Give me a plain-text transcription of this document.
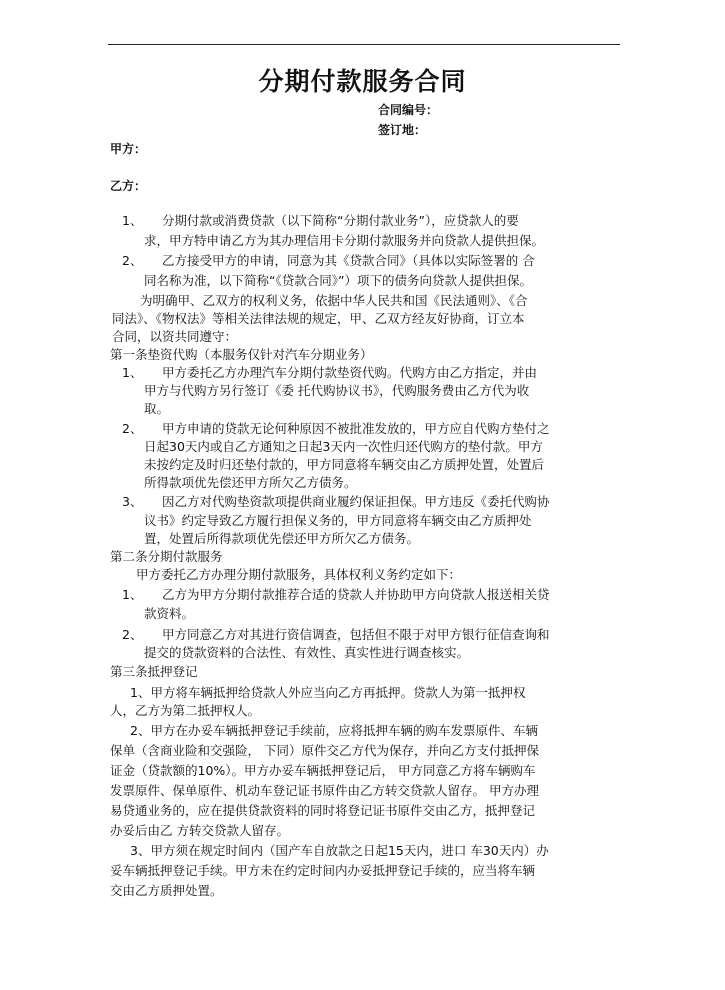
分期付款服务合同
合同编号：
签订地：
甲方：
乙方：
1、 分期付款或消费贷款（以下简称“分期付款业务”），应贷款人的要
求，甲方特申请乙方为其办理信用卡分期付款服务并向贷款人提供担保。
2、 乙方接受甲方的申请，同意为其《贷款合同》（具体以实际签署的 合
同名称为准，以下简称“《贷款合同》”）项下的债务向贷款人提供担保。
为明确甲、乙双方的权利义务，依据中华人民共和国《民法通则》、《合
同法》、《物权法》等相关法律法规的规定，甲、乙双方经友好协商，订立本
合同，以资共同遵守：
第一条垫资代购（本服务仅针对汽车分期业务）
1、 甲方委托乙方办理汽车分期付款垫资代购。代购方由乙方指定，并由
甲方与代购方另行签订《委 托代购协议书》，代购服务费由乙方代为收
取。
2、 甲方申请的贷款无论何种原因不被批准发放的，甲方应自代购方垫付之
日起30天内或自乙方通知之日起3天内一次性归还代购方的垫付款。甲方
未按约定及时归还垫付款的，甲方同意将车辆交由乙方质押处置，处置后
所得款项优先偿还甲方所欠乙方债务。
3、 因乙方对代购垫资款项提供商业履约保证担保。甲方违反《委托代购协
议书》约定导致乙方履行担保义务的，甲方同意将车辆交由乙方质押处
置，处置后所得款项优先偿还甲方所欠乙方债务。
第二条分期付款服务
甲方委托乙方办理分期付款服务，具体权利义务约定如下：
1、 乙方为甲方分期付款推荐合适的贷款人并协助甲方向贷款人报送相关贷
款资料。
2、 甲方同意乙方对其进行资信调查，包括但不限于对甲方银行征信查询和
提交的贷款资料的合法性、有效性、真实性进行调查核实。
第三条抵押登记
1、甲方将车辆抵押给贷款人外应当向乙方再抵押。贷款人为第一抵押权
人，乙方为第二抵押权人。
2、甲方在办妥车辆抵押登记手续前，应将抵押车辆的购车发票原件、车辆
保单（含商业险和交强险， 下同）原件交乙方代为保存，并向乙方支付抵押保
证金（贷款额的10%）。甲方办妥车辆抵押登记后， 甲方同意乙方将车辆购车
发票原件、保单原件、机动车登记证书原件由乙方转交贷款人留存。 甲方办理
易贷通业务的，应在提供贷款资料的同时将登记证书原件交由乙方，抵押登记
办妥后由乙 方转交贷款人留存。
3、甲方须在规定时间内（国产车自放款之日起15天内，进口 车30天内）办
妥车辆抵押登记手续。甲方未在约定时间内办妥抵押登记手续的，应当将车辆
交由乙方质押处置。
